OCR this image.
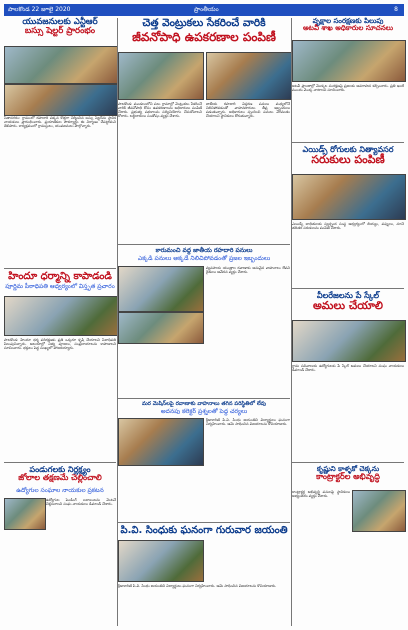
పాలకొండ 22 జూలై 2020	ప్రాంతీయం	8
యువజనులకు ఎన్టీఆర్
బస్సు షెల్టర్ ప్రారంభం
సీతానగరం: గ్రామంలో రహదారి పక్కన కొత్తగా నిర్మించిన బస్సు షెల్టర్‌ను స్థానిక నాయకులు ప్రారంభించారు. ప్రయాణికుల సౌకర్యార్థం ఈ నిర్మాణం చేపట్టామని తెలిపారు. కార్యక్రమంలో గ్రామస్తులు, యువజనులు పాల్గొన్నారు.
హిందూ ధర్మాన్ని కాపాడండి
పూర్ణిమ పీఠాధిపతి ఆధ్వర్యంలో విస్తృత ప్రచారం
పాలకొండ: హిందూ ధర్మ పరిరక్షణకు ప్రతి ఒక్కరూ కృషి చేయాలని పీఠాధిపతి పిలుపునిచ్చారు. ఆలయాల్లో నిత్య పూజలు, సంప్రదాయాలను కాపాడాలని సూచించారు. భక్తులు పెద్ద సంఖ్యలో హాజరయ్యారు.
పండుగలకు నిర్లక్ష్యం
జోలాల తక్షణమే చెల్లించాలి
ఉద్యోగుల సంఘాల నాయకుల ప్రకటన
ఉద్యోగుల పెండింగ్ బకాయిలను వెంటనే చెల్లించాలని సంఘ నాయకులు డిమాండ్ చేశారు.
చెత్త వెంట్రుకలు సేకరించే వారికి
జీవనోపాధి ఉపకరణాల పంపిణీ
పాలకొండ: మండలంలోని పలు గ్రామాల్లో వెంట్రుకలు సేకరించే వారికి జీవనోపాధి కోసం ఉపకరణాలను అధికారులు పంపిణీ చేశారు. ప్రభుత్వ పథకాలను సద్వినియోగం చేసుకోవాలని కోరారు. లబ్ధిదారులు సంతోషం వ్యక్తం చేశారు.
జాతీయ రహదారి విస్తరణ పనులు మధ్యలోనే నిలిచిపోవడంతో వాహనదారులు తీవ్ర ఇబ్బందులు పడుతున్నారు. అధికారులు స్పందించి పనులు వేగవంతం చేయాలని స్థానికులు కోరుతున్నారు.
కారుమంచి వద్ద జాతీయ రహదారి పనులు
ఎక్కడి పనులు అక్కడే నిలిచిపోవడంతో ప్రజల ఇబ్బందులు
వ్యవసాయ యంత్రాల రవాణాకు అనువైన వాహనాలు లేవని రైతులు ఆవేదన వ్యక్తం చేశారు.
మర మెషిన్‌లపై రవాణాకు వాహనాలు తగిన పరిస్థితిలో లేవు
అదనపు కలెక్టర్ ప్రశ్నలతో పెద్ద చర్యలు
క్రీడాకారిణి పి.వి. సింధు జయంతిని విద్యార్థులు ఘనంగా నిర్వహించారు. ఆమె సాధించిన విజయాలను కొనియాడారు.
పి.వి. సింధుకు ఘనంగా గురువార జయంతి
క్రీడాకారిణి పి.వి. సింధు జయంతిని విద్యార్థులు ఘనంగా నిర్వహించారు. ఆమె సాధించిన విజయాలను కొనియాడారు.
వృక్షాల సంరక్షణకు పిలుపు
అటవీ శాఖ అధికారుల సూచనలు
అటవీ ప్రాంతాల్లో మొక్కల సంరక్షణపై ప్రజలకు అవగాహన కల్పించారు. ప్రతి ఇంటి ముందు మొక్క నాటాలని సూచించారు.
ఎయిడ్స్ రోగులకు నిత్యావసర
సరుకులు పంపిణీ
ఎయిడ్స్ బాధితులకు స్వచ్ఛంద సంస్థ ఆధ్వర్యంలో బియ్యం, పప్పులు, నూనె తదితర సరుకులను పంపిణీ చేశారు.
వీలరేజలను పే స్కేల్
అమలు చేయాలి
గ్రామ సచివాలయ ఉద్యోగులకు పే స్కేల్ అమలు చేయాలని సంఘ నాయకులు డిమాండ్ చేశారు.
కృష్ణుని కాళ్ళకో చెక్కను
కాంట్రాక్టర్‌ల అభివృద్ధి
కాంట్రాక్టర్ల అభివృద్ధి పనులపై స్థానికులు అభ్యంతరం వ్యక్తం చేశారు.
